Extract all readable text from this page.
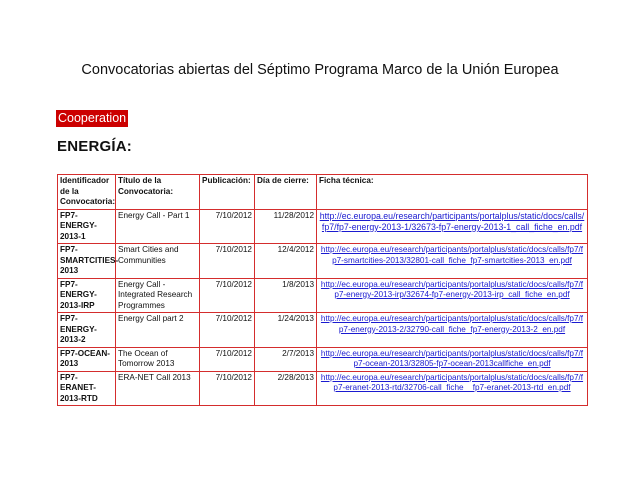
Convocatorias abiertas del Séptimo Programa Marco de la Unión Europea
Cooperation
ENERGÍA:
Identificador de la Convocatoria:	Título de la Convocatoria:	Publicación:	Día de cierre:	Ficha técnica:
FP7-ENERGY-2013-1	Energy Call - Part 1	7/10/2012	11/28/2012	http://ec.europa.eu/research/participants/portalplus/static/docs/calls/fp7/fp7-energy-2013-1/32673-fp7-energy-2013-1_call_fiche_en.pdf
FP7-SMARTCITIES-2013	Smart Cities and Communities	7/10/2012	12/4/2012	http://ec.europa.eu/research/participants/portalplus/static/docs/calls/fp7/fp7-smartcities-2013/32801-call_fiche_fp7-smartcities-2013_en.pdf
FP7-ENERGY-2013-IRP	Energy Call - Integrated Research Programmes	7/10/2012	1/8/2013	http://ec.europa.eu/research/participants/portalplus/static/docs/calls/fp7/fp7-energy-2013-irp/32674-fp7-energy-2013-irp_call_fiche_en.pdf
FP7-ENERGY-2013-2	Energy Call part 2	7/10/2012	1/24/2013	http://ec.europa.eu/research/participants/portalplus/static/docs/calls/fp7/fp7-energy-2013-2/32790-call_fiche_fp7-energy-2013-2_en.pdf
FP7-OCEAN-2013	The Ocean of Tomorrow 2013	7/10/2012	2/7/2013	http://ec.europa.eu/research/participants/portalplus/static/docs/calls/fp7/fp7-ocean-2013/32805-fp7-ocean-2013callfiche_en.pdf
FP7-ERANET-2013-RTD	ERA-NET Call 2013	7/10/2012	2/28/2013	http://ec.europa.eu/research/participants/portalplus/static/docs/calls/fp7/fp7-eranet-2013-rtd/32706-call_fiche__fp7-eranet-2013-rtd_en.pdf
